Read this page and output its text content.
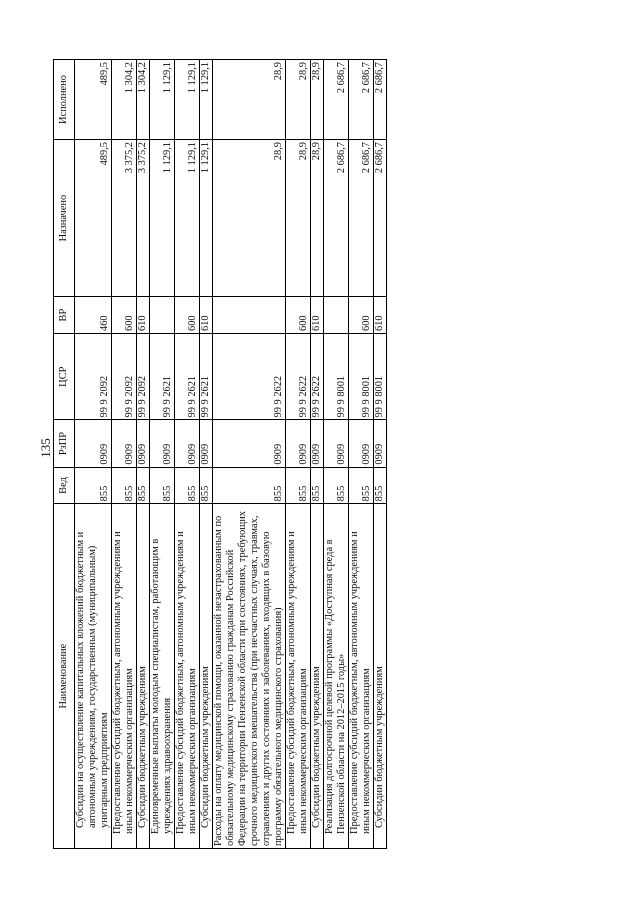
135
Наименование	Вед	РзПР	ЦСР	ВР	Назначено	Исполнено
Субсидии на осуществление капитальных вложений бюджетным и автономным учреждениям, государственным (муниципальным) унитарным предприятиям	855	0909	99 9 2092	460	489,5	489,5
Предоставление субсидий бюджетным, автономным учреждениям и иным некоммерческим организациям	855	0909	99 9 2092	600	3 375,2	1 304,2
Субсидии бюджетным учреждениям	855	0909	99 9 2092	610	3 375,2	1 304,2
Единовременные выплаты молодым специалистам, работающим в учреждениях здравоохранения	855	0909	99 9 2621		1 129,1	1 129,1
Предоставление субсидий бюджетным, автономным учреждениям и иным некоммерческим организациям	855	0909	99 9 2621	600	1 129,1	1 129,1
Субсидии бюджетным учреждениям	855	0909	99 9 2621	610	1 129,1	1 129,1
Расходы на оплату медицинской помощи, оказанной незастрахованным по обязательному медицинскому страхованию гражданам Российской Федерации на территории Пензенской области при состояниях, требующих срочного медицинского вмешательства (при несчастных случаях, травмах, отравлениях и других состояниях и заболеваниях, входящих в базовую программу обязательного медицинского страхования)	855	0909	99 9 2622		28,9	28,9
Предоставление субсидий бюджетным, автономным учреждениям и иным некоммерческим организациям	855	0909	99 9 2622	600	28,9	28,9
Субсидии бюджетным учреждениям	855	0909	99 9 2622	610	28,9	28,9
Реализация долгосрочной целевой программы «Доступная среда в Пензенской области на 2012–2015 годы»	855	0909	99 9 8001		2 686,7	2 686,7
Предоставление субсидий бюджетным, автономным учреждениям и иным некоммерческим организациям	855	0909	99 9 8001	600	2 686,7	2 686,7
Субсидии бюджетным учреждениям	855	0909	99 9 8001	610	2 686,7	2 686,7
